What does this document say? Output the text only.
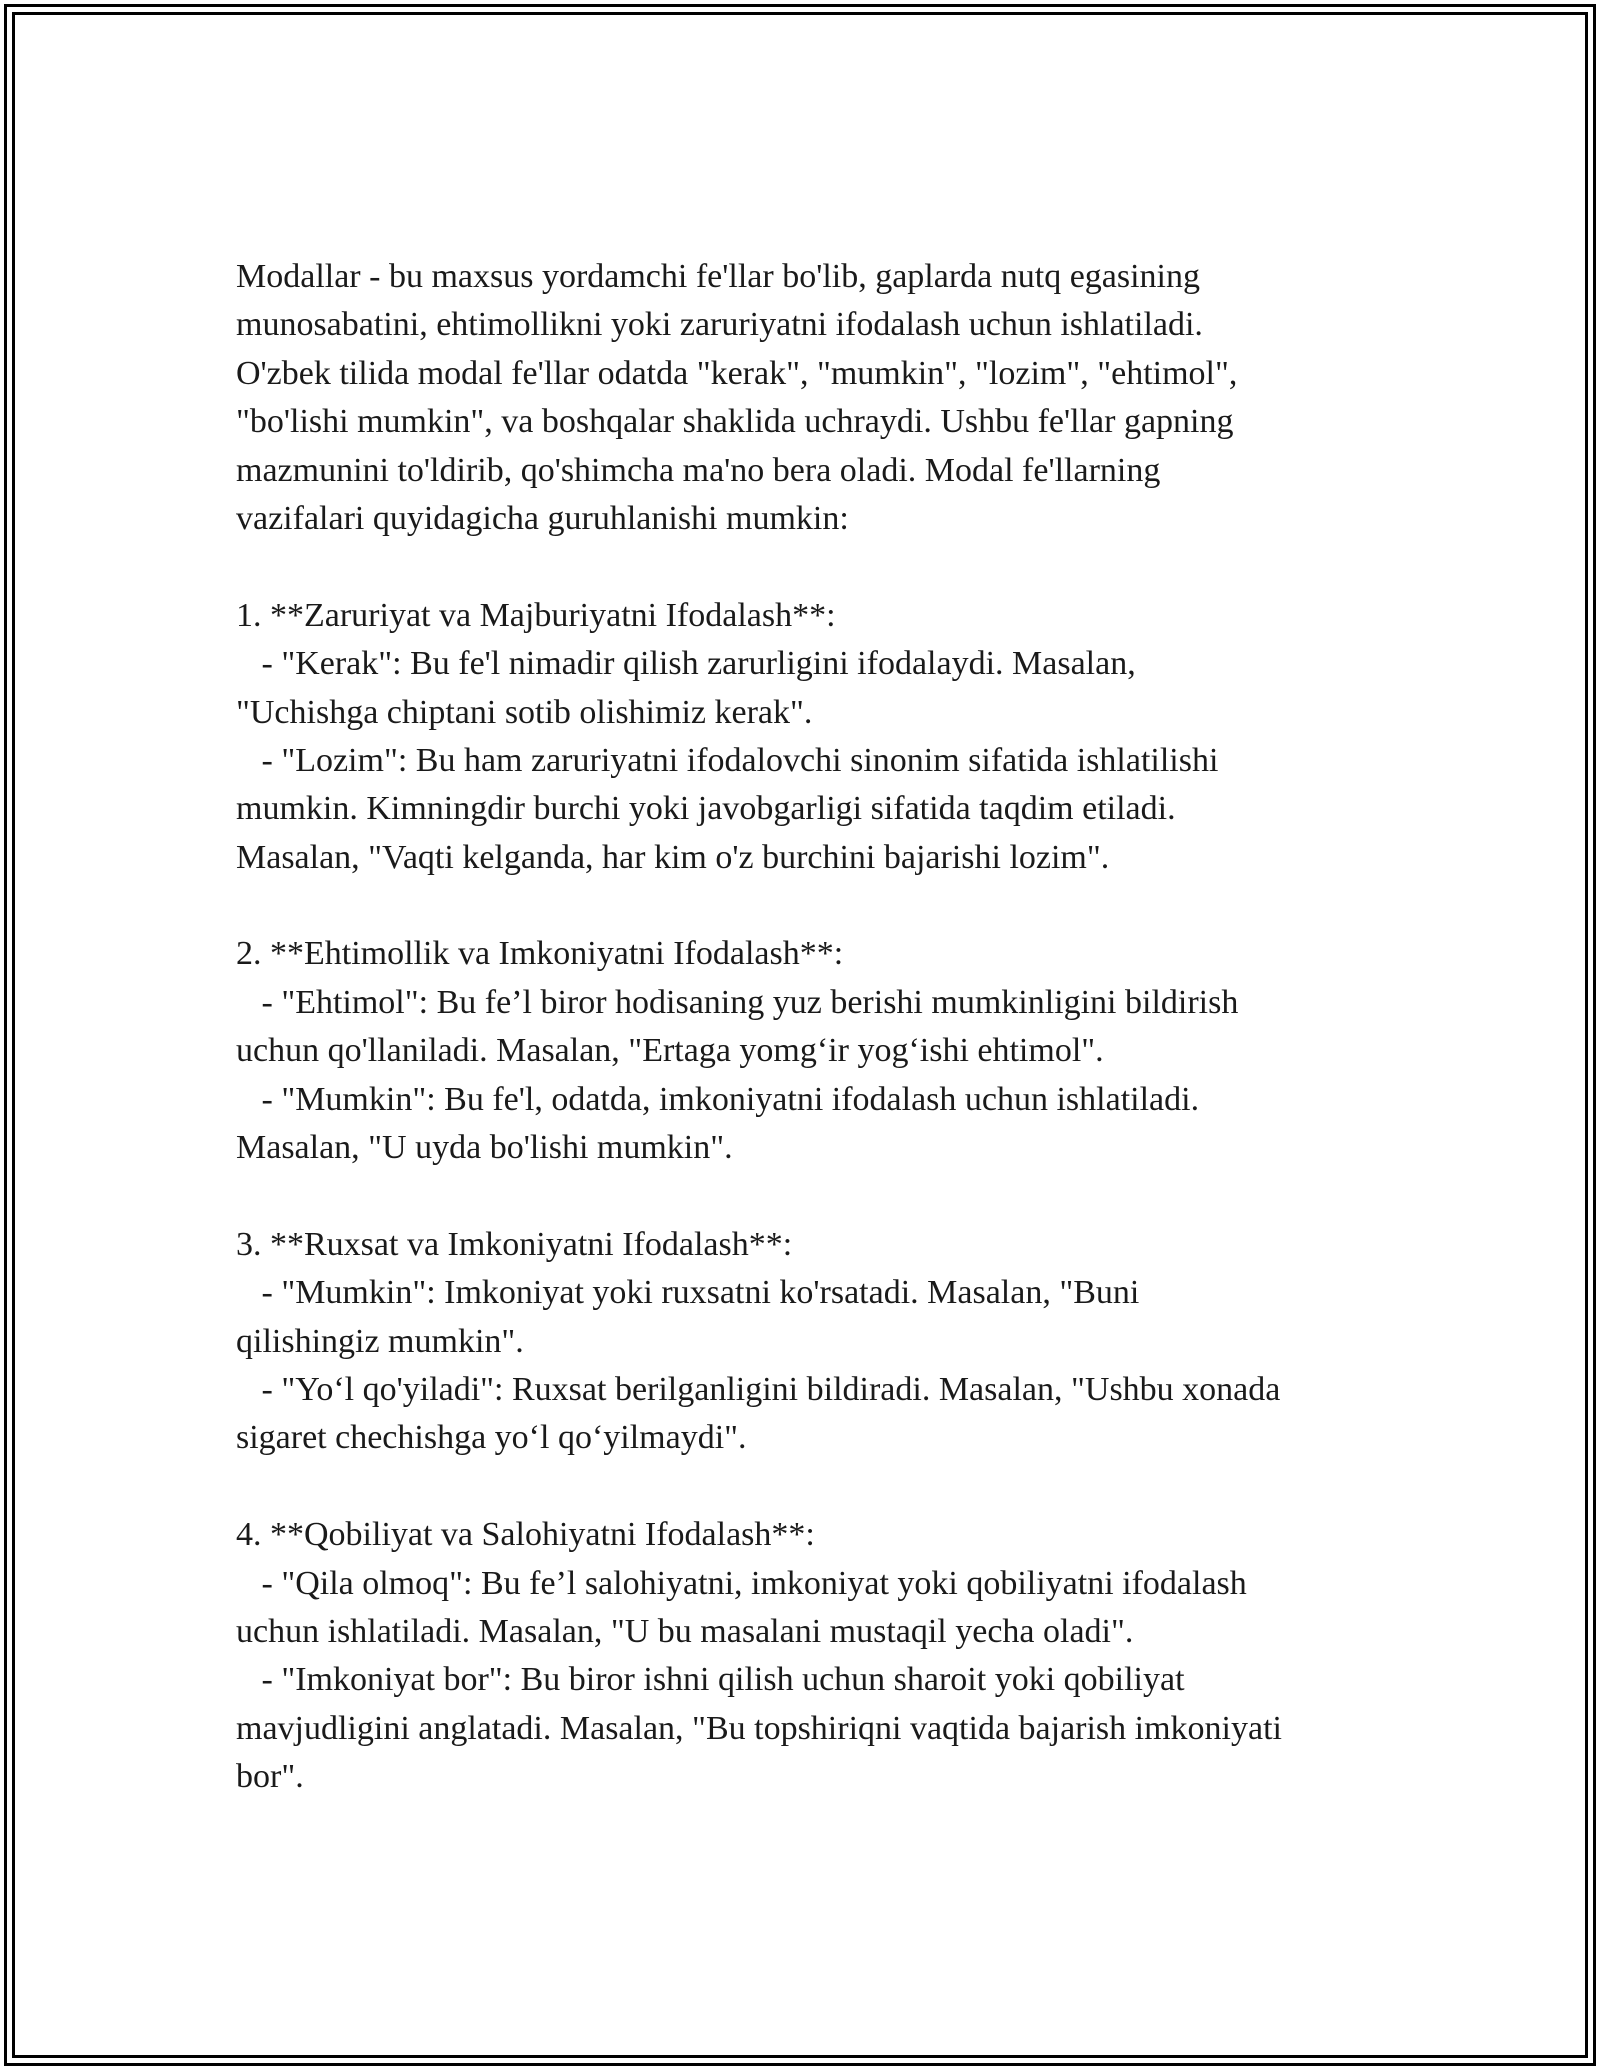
Modallar - bu maxsus yordamchi fe'llar bo'lib, gaplarda nutq egasining
munosabatini, ehtimollikni yoki zaruriyatni ifodalash uchun ishlatiladi.
O'zbek tilida modal fe'llar odatda "kerak", "mumkin", "lozim", "ehtimol",
"bo'lishi mumkin", va boshqalar shaklida uchraydi. Ushbu fe'llar gapning
mazmunini to'ldirib, qo'shimcha ma'no bera oladi. Modal fe'llarning
vazifalari quyidagicha guruhlanishi mumkin:
1. **Zaruriyat va Majburiyatni Ifodalash**:
- "Kerak": Bu fe'l nimadir qilish zarurligini ifodalaydi. Masalan,
"Uchishga chiptani sotib olishimiz kerak".
- "Lozim": Bu ham zaruriyatni ifodalovchi sinonim sifatida ishlatilishi
mumkin. Kimningdir burchi yoki javobgarligi sifatida taqdim etiladi.
Masalan, "Vaqti kelganda, har kim o'z burchini bajarishi lozim".
2. **Ehtimollik va Imkoniyatni Ifodalash**:
- "Ehtimol": Bu fe’l biror hodisaning yuz berishi mumkinligini bildirish
uchun qo'llaniladi. Masalan, "Ertaga yomg‘ir yog‘ishi ehtimol".
- "Mumkin": Bu fe'l, odatda, imkoniyatni ifodalash uchun ishlatiladi.
Masalan, "U uyda bo'lishi mumkin".
3. **Ruxsat va Imkoniyatni Ifodalash**:
- "Mumkin": Imkoniyat yoki ruxsatni ko'rsatadi. Masalan, "Buni
qilishingiz mumkin".
- "Yo‘l qo'yiladi": Ruxsat berilganligini bildiradi. Masalan, "Ushbu xonada
sigaret chechishga yo‘l qo‘yilmaydi".
4. **Qobiliyat va Salohiyatni Ifodalash**:
- "Qila olmoq": Bu fe’l salohiyatni, imkoniyat yoki qobiliyatni ifodalash
uchun ishlatiladi. Masalan, "U bu masalani mustaqil yecha oladi".
- "Imkoniyat bor": Bu biror ishni qilish uchun sharoit yoki qobiliyat
mavjudligini anglatadi. Masalan, "Bu topshiriqni vaqtida bajarish imkoniyati
bor".
